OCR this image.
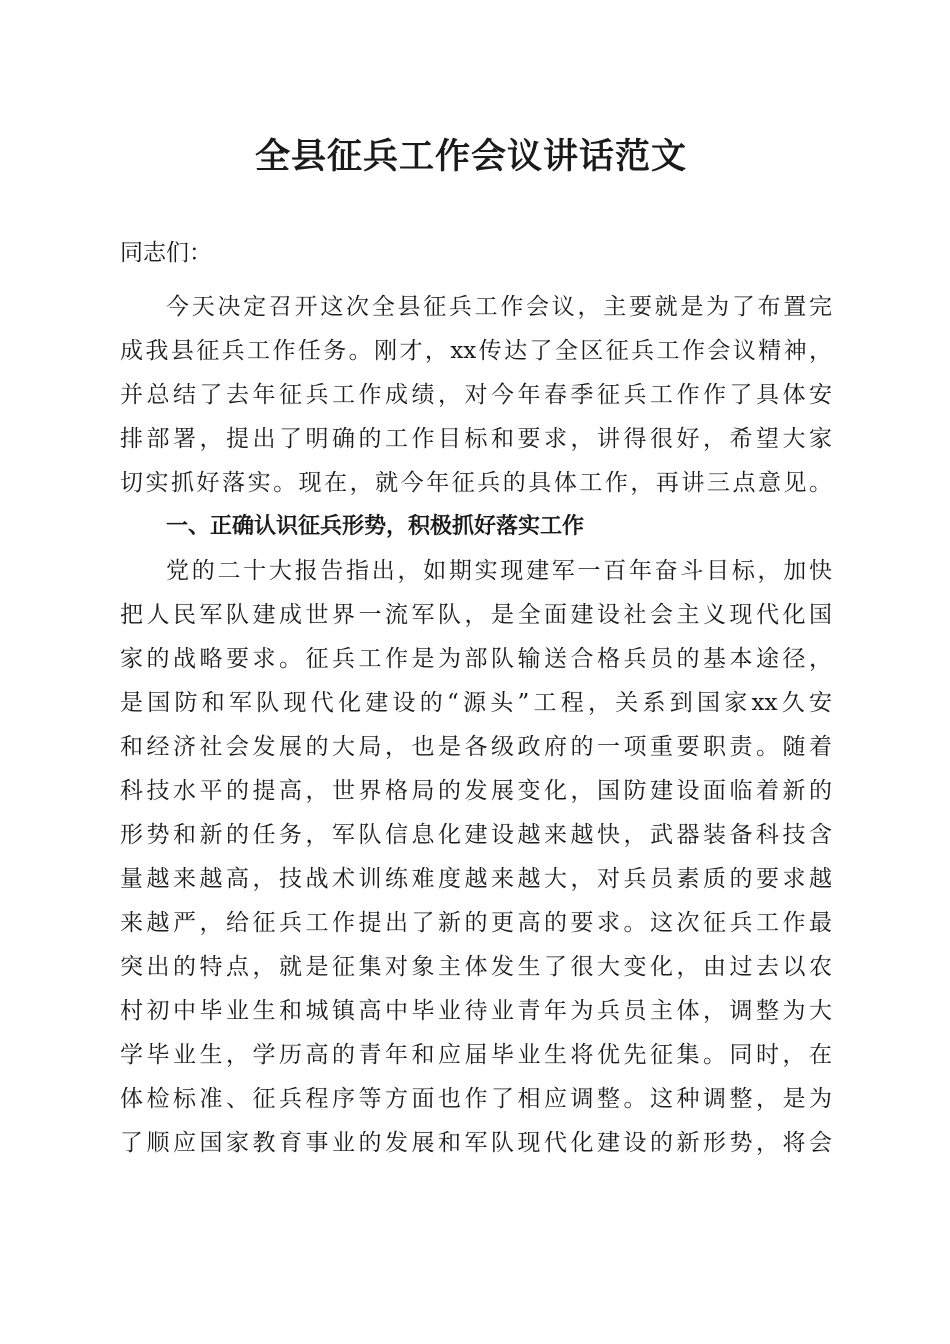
全县征兵工作会议讲话范文
同志们：
今天决定召开这次全县征兵工作会议，主要就是为了布置完
成我县征兵工作任务。刚才，xx传达了全区征兵工作会议精神，
并总结了去年征兵工作成绩，对今年春季征兵工作作了具体安
排部署，提出了明确的工作目标和要求，讲得很好，希望大家
切实抓好落实。现在，就今年征兵的具体工作，再讲三点意见。
一、正确认识征兵形势，积极抓好落实工作
党的二十大报告指出，如期实现建军一百年奋斗目标，加快
把人民军队建成世界一流军队，是全面建设社会主义现代化国
家的战略要求。征兵工作是为部队输送合格兵员的基本途径，
是国防和军队现代化建设的“源头”工程，关系到国家xx久安
和经济社会发展的大局，也是各级政府的一项重要职责。随着
科技水平的提高，世界格局的发展变化，国防建设面临着新的
形势和新的任务，军队信息化建设越来越快，武器装备科技含
量越来越高，技战术训练难度越来越大，对兵员素质的要求越
来越严，给征兵工作提出了新的更高的要求。这次征兵工作最
突出的特点，就是征集对象主体发生了很大变化，由过去以农
村初中毕业生和城镇高中毕业待业青年为兵员主体，调整为大
学毕业生，学历高的青年和应届毕业生将优先征集。同时，在
体检标准、征兵程序等方面也作了相应调整。这种调整，是为
了顺应国家教育事业的发展和军队现代化建设的新形势，将会
